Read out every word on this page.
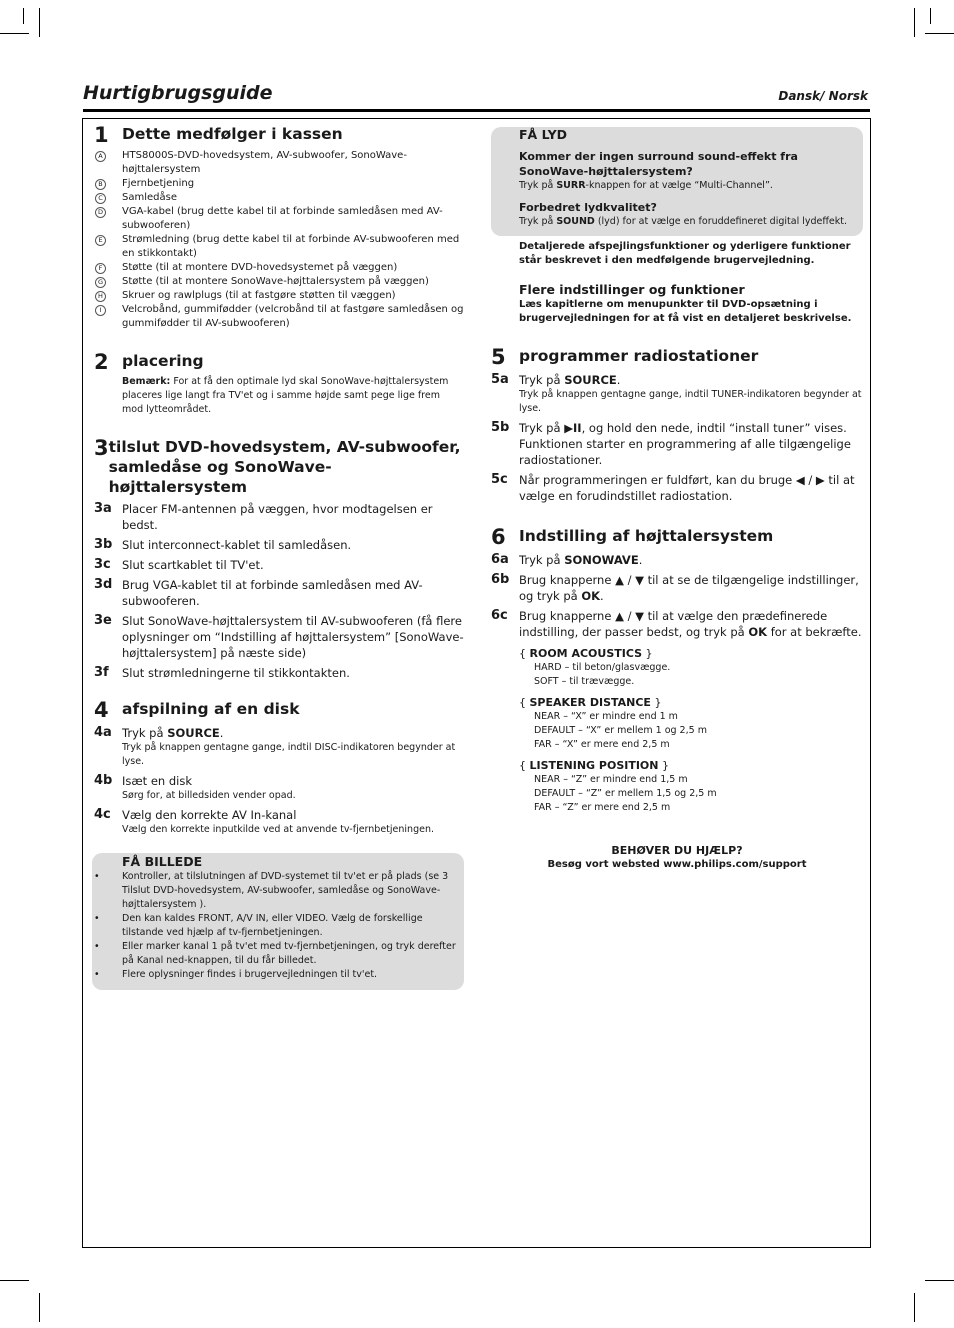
Hurtigbrugsguide	Dansk/ Norsk
1 Dette medfølger i kassen
A	HTS8000S-DVD-hovedsystem, AV-subwoofer, SonoWave-højttalersystem
B	Fjernbetjening
C	Samledåse
D	VGA-kabel (brug dette kabel til at forbinde samledåsen med AV-subwooferen)
E	Strømledning (brug dette kabel til at forbinde AV-subwooferen med en stikkontakt)
F	Støtte (til at montere DVD-hovedsystemet på væggen)
G	Støtte (til at montere SonoWave-højttalersystem på væggen)
H	Skruer og rawlplugs (til at fastgøre støtten til væggen)
I	Velcrobånd, gummifødder (velcrobånd til at fastgøre samledåsen og gummifødder til AV-subwooferen)
2 placering
Bemærk: For at få den optimale lyd skal SonoWave-højttalersystem placeres lige langt fra TV'et og i samme højde samt pege lige frem mod lytteområdet.
3 tilslut DVD-hovedsystem, AV-subwoofer, samledåse og SonoWave-højttalersystem
3a Placer FM-antennen på væggen, hvor modtagelsen er bedst.
3b Slut interconnect-kablet til samledåsen.
3c Slut scartkablet til TV'et.
3d Brug VGA-kablet til at forbinde samledåsen med AV-subwooferen.
3e Slut SonoWave-højttalersystem til AV-subwooferen (få flere oplysninger om “Indstilling af højttalersystem” [SonoWave-højttalersystem] på næste side)
3f	Slut strømledningerne til stikkontakten.
4 afspilning af en disk
4a Tryk på SOURCE.
Tryk på knappen gentagne gange, indtil DISC-indikatoren begynder at lyse.
4b Isæt en disk
Sørg for, at billedsiden vender opad.
4c Vælg den korrekte AV In-kanal
Vælg den korrekte inputkilde ved at anvende tv-fjernbetjeningen.
FÅ BILLEDE
•	Kontroller, at tilslutningen af DVD-systemet til tv'et er på plads (se 3 Tilslut DVD-hovedsystem, AV-subwoofer, samledåse og SonoWave-højttalersystem ).
•	Den kan kaldes FRONT, A/V IN, eller VIDEO. Vælg de forskellige tilstande ved hjælp af tv-fjernbetjeningen.
•	Eller marker kanal 1 på tv'et med tv-fjernbetjeningen, og tryk derefter på Kanal ned-knappen, til du får billedet.
•	Flere oplysninger findes i brugervejledningen til tv'et.
FÅ LYD
Kommer der ingen surround sound-effekt fra SonoWave-højttalersystem?
Tryk på SURR-knappen for at vælge “Multi-Channel”.
Forbedret lydkvalitet?
Tryk på SOUND (lyd) for at vælge en foruddefineret digital lydeffekt.
Detaljerede afspejlingsfunktioner og yderligere funktioner står beskrevet i den medfølgende brugervejledning.
Flere indstillinger og funktioner
Læs kapitlerne om menupunkter til DVD-opsætning i brugervejledningen for at få vist en detaljeret beskrivelse.
5 programmer radiostationer
5a Tryk på SOURCE.
Tryk på knappen gentagne gange, indtil TUNER-indikatoren begynder at lyse.
5b Tryk på ▶II, og hold den nede, indtil “install tuner” vises. Funktionen starter en programmering af alle tilgængelige radiostationer.
5c Når programmeringen er fuldført, kan du bruge ◀ / ▶ til at vælge en forudindstillet radiostation.
6 Indstilling af højttalersystem
6a Tryk på SONOWAVE.
6b Brug knapperne ▲ / ▼ til at se de tilgængelige indstillinger, og tryk på OK.
6c Brug knapperne ▲ / ▼ til at vælge den prædefinerede indstilling, der passer bedst, og tryk på OK for at bekræfte.
{ ROOM ACOUSTICS }
HARD – til beton/glasvægge.
SOFT – til trævægge.
{ SPEAKER DISTANCE }
NEAR – “X” er mindre end 1 m
DEFAULT – “X” er mellem 1 og 2,5 m
FAR – “X” er mere end 2,5 m
{ LISTENING POSITION }
NEAR – “Z” er mindre end 1,5 m
DEFAULT – “Z” er mellem 1,5 og 2,5 m
FAR – “Z” er mere end 2,5 m
BEHØVER DU HJÆLP?
Besøg vort websted www.philips.com/support
